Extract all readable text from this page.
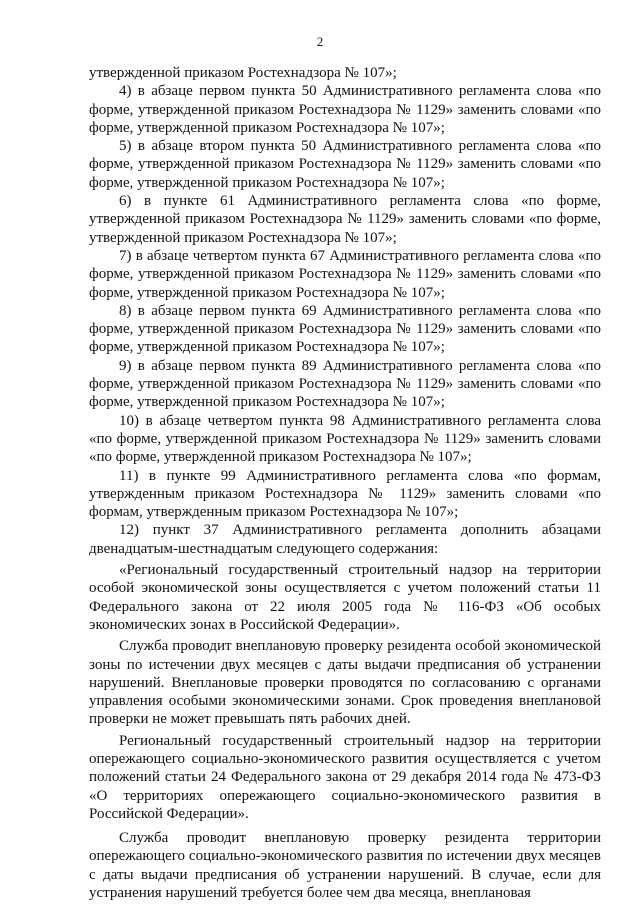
2

утвержденной приказом Ростехнадзора № 107»;

4) в абзаце первом пункта 50 Административного регламента слова «по форме, утвержденной приказом Ростехнадзора № 1129» заменить словами «по форме, утвержденной приказом Ростехнадзора № 107»;

5) в абзаце втором пункта 50 Административного регламента слова «по форме, утвержденной приказом Ростехнадзора № 1129» заменить словами «по форме, утвержденной приказом Ростехнадзора № 107»;

6) в пункте 61 Административного регламента слова «по форме, утвержденной приказом Ростехнадзора № 1129» заменить словами «по форме, утвержденной приказом Ростехнадзора № 107»;

7) в абзаце четвертом пункта 67 Административного регламента слова «по форме, утвержденной приказом Ростехнадзора № 1129» заменить словами «по форме, утвержденной приказом Ростехнадзора № 107»;

8) в абзаце первом пункта 69 Административного регламента слова «по форме, утвержденной приказом Ростехнадзора № 1129» заменить словами «по форме, утвержденной приказом Ростехнадзора № 107»;

9) в абзаце первом пункта 89 Административного регламента слова «по форме, утвержденной приказом Ростехнадзора № 1129» заменить словами «по форме, утвержденной приказом Ростехнадзора № 107»;

10) в абзаце четвертом пункта 98 Административного регламента слова «по форме, утвержденной приказом Ростехнадзора № 1129» заменить словами «по форме, утвержденной приказом Ростехнадзора № 107»;

11) в пункте 99 Административного регламента слова «по формам, утвержденным приказом Ростехнадзора № 1129» заменить словами «по формам, утвержденным приказом Ростехнадзора № 107»;

12) пункт 37 Административного регламента дополнить абзацами двенадцатым-шестнадцатым следующего содержания:

«Региональный государственный строительный надзор на территории особой экономической зоны осуществляется с учетом положений статьи 11 Федерального закона от 22 июля 2005 года № 116-ФЗ «Об особых экономических зонах в Российской Федерации».

Служба проводит внеплановую проверку резидента особой экономической зоны по истечении двух месяцев с даты выдачи предписания об устранении нарушений. Внеплановые проверки проводятся по согласованию с органами управления особыми экономическими зонами. Срок проведения внеплановой проверки не может превышать пять рабочих дней.

Региональный государственный строительный надзор на территории опережающего социально-экономического развития осуществляется с учетом положений статьи 24 Федерального закона от 29 декабря 2014 года № 473-ФЗ «О территориях опережающего социально-экономического развития в Российской Федерации».

Служба проводит внеплановую проверку резидента территории опережающего социально-экономического развития по истечении двух месяцев с даты выдачи предписания об устранении нарушений. В случае, если для устранения нарушений требуется более чем два месяца, внеплановая
